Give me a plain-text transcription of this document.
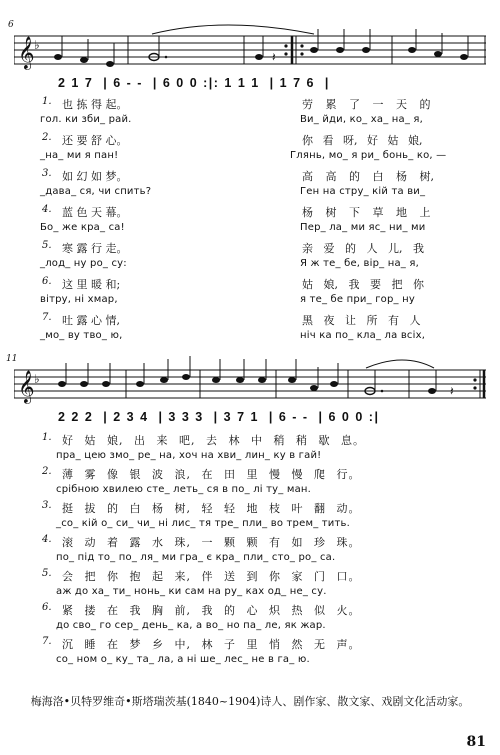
𝄞 ♭
𝄽
6
2 1 7  | 6 - -  | 6 0 0 :|: 1 1 1  | 1 7 6  |
1. 也 拣 得 起。	劳 累 了 一 天 的
гол. ки зби_ рай.	Ви_ йди, ко_ ха_ на_ я,
2. 还 要 舒 心。	你 看 呀, 好 姑 娘,
_на_ ми я пан!	Глянь, мо_ я ри_ бонь_ ко, —
3. 如 幻 如 梦。	高 高 的 白 杨 树,
_дава_ ся, чи спить?	Ген на стру_ кій та ви_
4. 蓝 色 天 幕。	杨 树 下 草 地 上
Бо_ же кра_ са!	Пер_ ла_ ми яс_ ни_ ми
5. 寒 露 行 走。	亲 爱 的 人 儿, 我
_лод_ ну ро_ су:	Я ж те_ бе, вір_ на_ я,
6. 这 里 暖 和;	姑 娘, 我 要 把 你
вітру, ні хмар,	я те_ бе при_ гор_ ну
7. 吐 露 心 情,	黑 夜 让 所 有 人
_мо_ ву тво_ ю,	ніч ка по_ кла_ ла всіх,
𝄞 ♭
𝄽
11
2 2 2  | 2 3 4  | 3 3 3  | 3 7 1  | 6 - -  | 6 0 0 :|
1. 好 姑 娘, 出 来 吧, 去 林 中 稍 稍 歇 息。
пра_ цею змо_ ре_ на, хоч на хви_ лин_ ку в гай!
2. 薄 雾 像 银 波 浪, 在 田 里 慢 慢 爬 行。
срібною хвилею сте_ леть_ ся в по_ лі ту_ ман.
3. 挺 拔 的 白 杨 树, 轻 轻 地 枝 叶 翻 动。
_со_ кій о_ си_ чи_ ні лис_ тя тре_ пли_ во трем_ тить.
4. 滚 动 着 露 水 珠, 一 颗 颗 有 如 珍 珠。
по_ під то_ по_ ля_ ми гра_ є кра_ пли_ сто_ ро_ са.
5. 会 把 你 抱 起 来, 伴 送 到 你 家 门 口。
аж до ха_ ти_ нонь_ ки сам на ру_ ках од_ не_ су.
6. 紧 搂 在 我 胸 前, 我 的 心 炽 热 似 火。
до сво_ го сер_ день_ ка, а во_ но па_ ле, як жар.
7. 沉 睡 在 梦 乡 中, 林 子 里 悄 然 无 声。
со_ ном о_ ку_ та_ ла, а ні ше_ лес_ не в га_ ю.
梅海洛•贝特罗维奇•斯塔瑞茨基(1840~1904)诗人、剧作家、散文家、戏剧文化活动家。
81
